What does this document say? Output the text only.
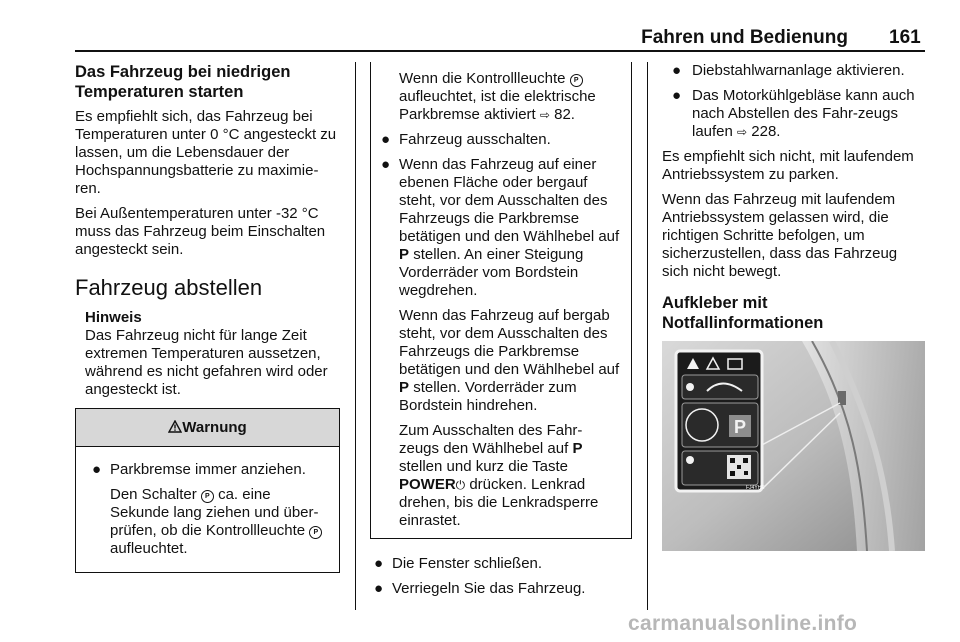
Fahren und Bedienung 161
Das Fahrzeug bei niedrigen Temperaturen starten

Es empfiehlt sich, das Fahrzeug bei Temperaturen unter 0 °C angesteckt zu lassen, um die Lebensdauer der Hochspannungsbatterie zu maximie-ren.

Bei Außentemperaturen unter -32 °C muss das Fahrzeug beim Einschalten angesteckt sein.

Fahrzeug abstellen
Hinweis
Das Fahrzeug nicht für lange Zeit extremen Temperaturen aussetzen, während es nicht gefahren wird oder angesteckt ist.
Warnung
● Parkbremse immer anziehen.
Den Schalter P ca. eine Sekunde lang ziehen und über-prüfen, ob die Kontrollleuchte P aufleuchtet.

Wenn die Kontrollleuchte P aufleuchtet, ist die elektrische Parkbremse aktiviert ⇨ 82.

● Fahrzeug ausschalten.
● Wenn das Fahrzeug auf einer ebenen Fläche oder bergauf steht, vor dem Ausschalten des Fahrzeugs die Parkbremse betätigen und den Wählhebel auf P stellen. An einer Steigung Vorderräder vom Bordstein wegdrehen.

Wenn das Fahrzeug auf bergab steht, vor dem Ausschalten des Fahrzeugs die Parkbremse betätigen und den Wählhebel auf P stellen. Vorderräder zum Bordstein hindrehen.

Zum Ausschalten des Fahr-zeugs den Wählhebel auf P stellen und kurz die Taste POWER⏻ drücken. Lenkrad drehen, bis die Lenkradsperre einrastet.

● Die Fenster schließen.
● Verriegeln Sie das Fahrzeug.
● Diebstahlwarnanlage aktivieren.
● Das Motorkühlgebläse kann auch nach Abstellen des Fahr-zeugs laufen ⇨ 228.

Es empfiehlt sich nicht, mit laufendem Antriebssystem zu parken.

Wenn das Fahrzeug mit laufendem Antriebssystem gelassen wird, die richtigen Schritte befolgen, um sicherzustellen, dass das Fahrzeug sich nicht bewegt.

Aufkleber mit Notfallinformationen
P
FJ4YHE
carmanualsonline.info
